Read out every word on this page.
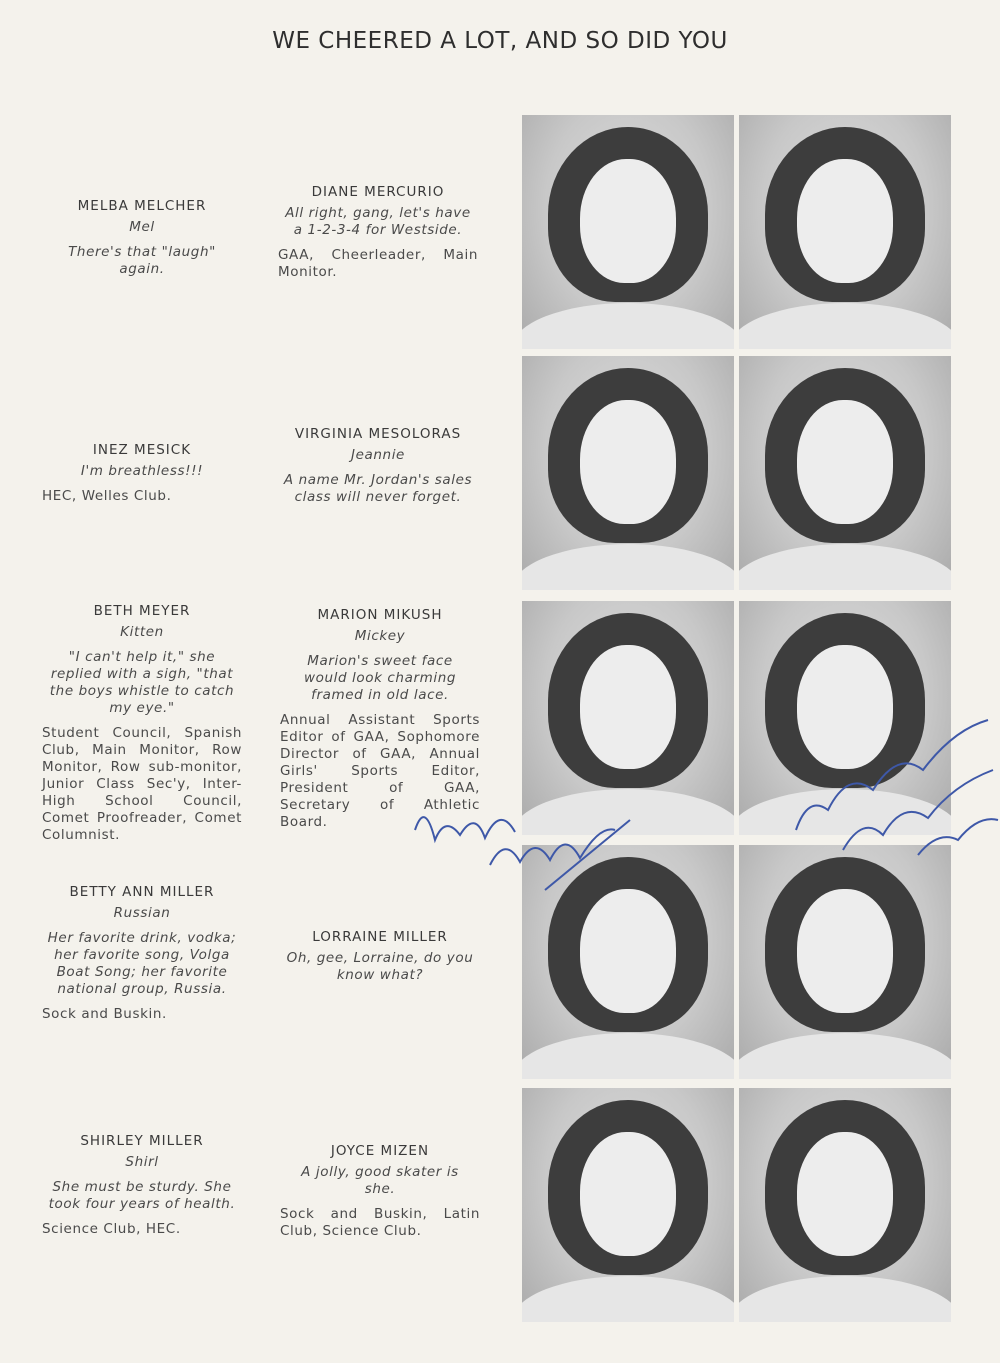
WE CHEERED A LOT, AND SO DID YOU
MELBA MELCHER
Mel
There's that "laugh" again.
DIANE MERCURIO
All right, gang, let's have a 1-2-3-4 for Westside.
GAA, Cheerleader, Main Monitor.
INEZ MESICK
I'm breathless!!!
HEC, Welles Club.
VIRGINIA MESOLORAS
Jeannie
A name Mr. Jordan's sales class will never forget.
BETH MEYER
Kitten
"I can't help it," she replied with a sigh, "that the boys whistle to catch my eye."
Student Council, Spanish Club, Main Monitor, Row Monitor, Row sub-monitor, Junior Class Sec'y, Inter-High School Council, Comet Proofreader, Comet Columnist.
MARION MIKUSH
Mickey
Marion's sweet face would look charming framed in old lace.
Annual Assistant Sports Editor of GAA, Sophomore Director of GAA, Annual Girls' Sports Editor, President of GAA, Secretary of Athletic Board.
BETTY ANN MILLER
Russian
Her favorite drink, vodka; her favorite song, Volga Boat Song; her favorite national group, Russia.
Sock and Buskin.
LORRAINE MILLER
Oh, gee, Lorraine, do you know what?
SHIRLEY MILLER
Shirl
She must be sturdy. She took four years of health.
Science Club, HEC.
JOYCE MIZEN
A jolly, good skater is she.
Sock and Buskin, Latin Club, Science Club.
